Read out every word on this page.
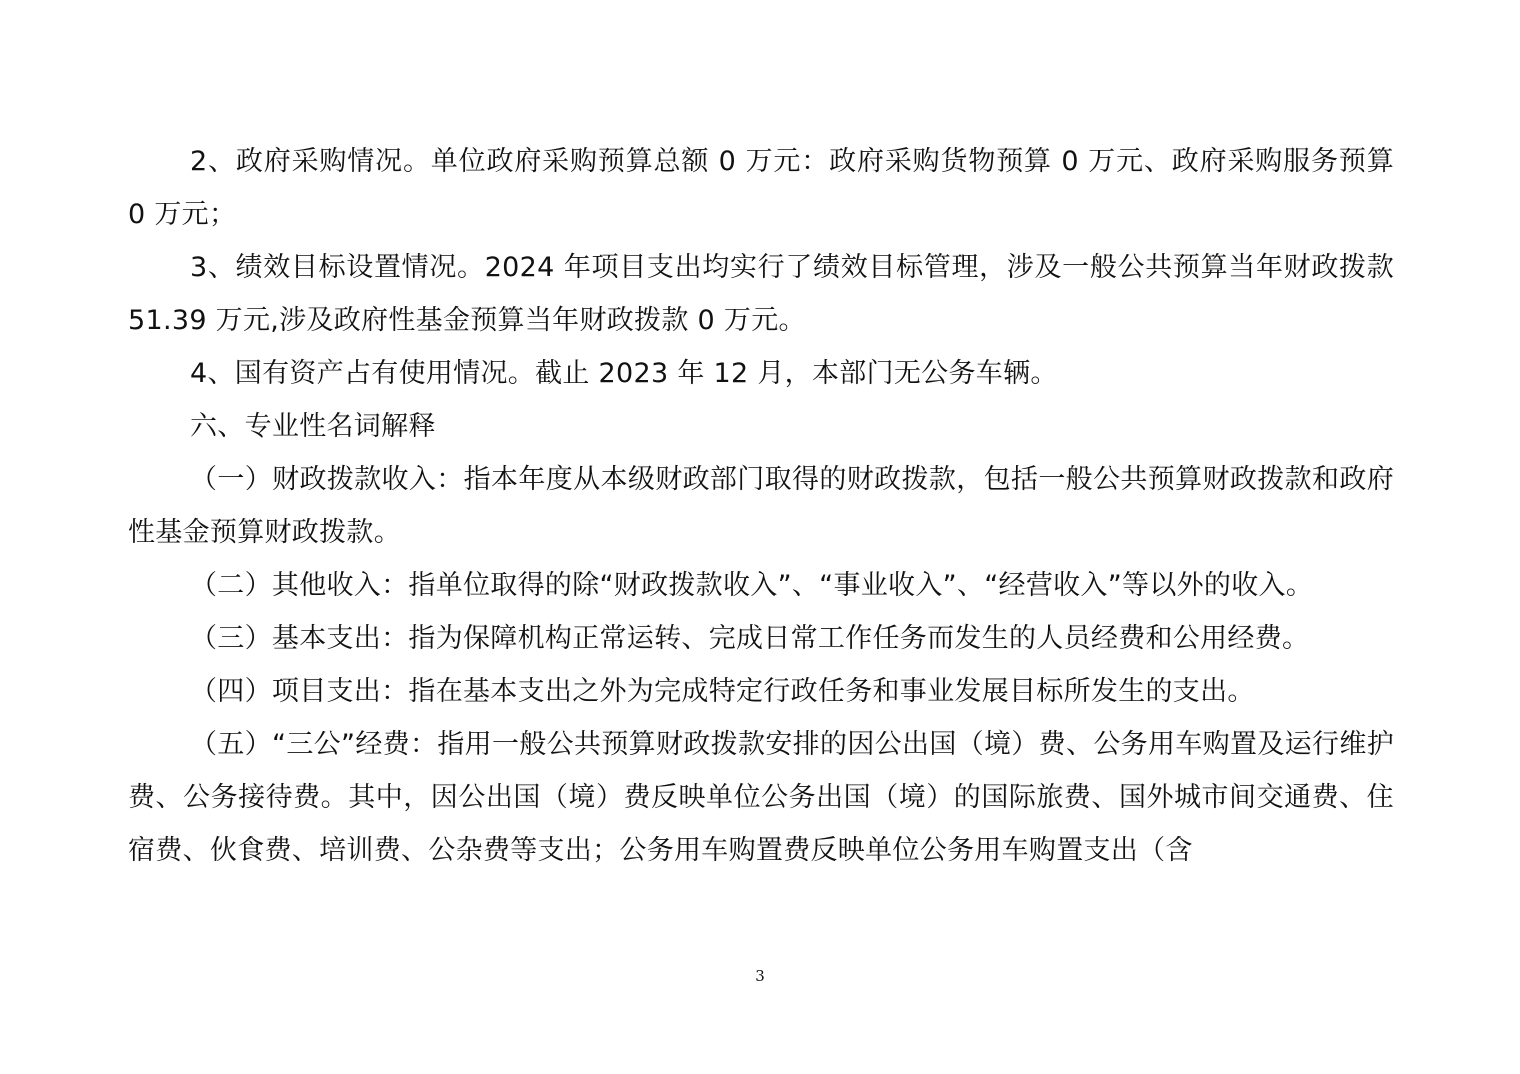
2、政府采购情况。单位政府采购预算总额 0 万元：政府采购货物预算 0 万元、政府采购服务预算 0 万元；

3、绩效目标设置情况。2024 年项目支出均实行了绩效目标管理，涉及一般公共预算当年财政拨款 51.39 万元,涉及政府性基金预算当年财政拨款 0 万元。

4、国有资产占有使用情况。截止 2023 年 12 月，本部门无公务车辆。

六、专业性名词解释

（一）财政拨款收入：指本年度从本级财政部门取得的财政拨款，包括一般公共预算财政拨款和政府性基金预算财政拨款。

（二）其他收入：指单位取得的除“财政拨款收入”、“事业收入”、“经营收入”等以外的收入。

（三）基本支出：指为保障机构正常运转、完成日常工作任务而发生的人员经费和公用经费。

（四）项目支出：指在基本支出之外为完成特定行政任务和事业发展目标所发生的支出。

（五）“三公”经费：指用一般公共预算财政拨款安排的因公出国（境）费、公务用车购置及运行维护费、公务接待费。其中，因公出国（境）费反映单位公务出国（境）的国际旅费、国外城市间交通费、住宿费、伙食费、培训费、公杂费等支出；公务用车购置费反映单位公务用车购置支出（含

3
